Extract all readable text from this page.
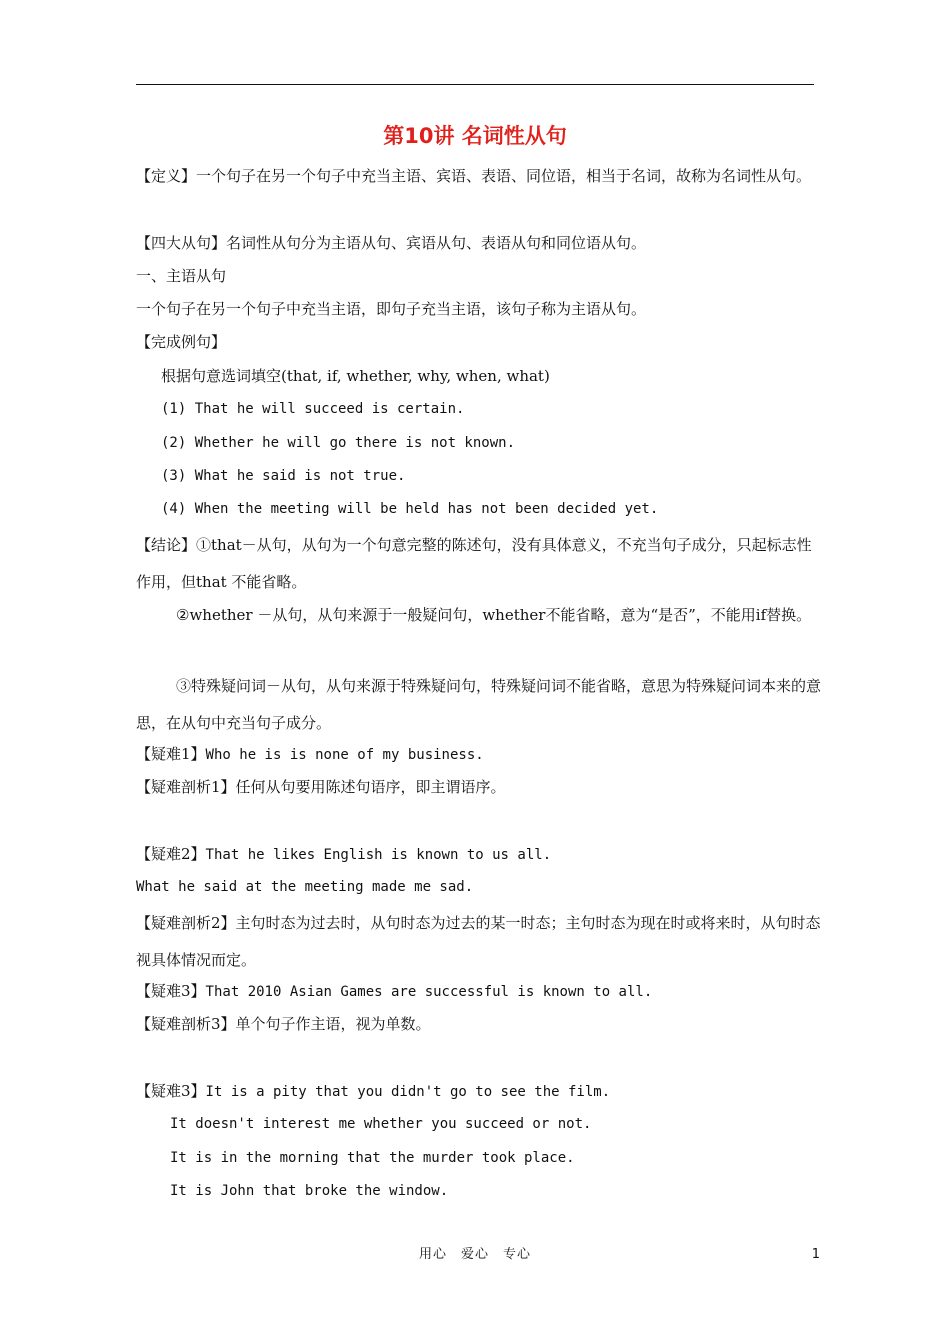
第10讲 名词性从句
【定义】一个句子在另一个句子中充当主语、宾语、表语、同位语，相当于名词，故称为名词性从句。
【四大从句】名词性从句分为主语从句、宾语从句、表语从句和同位语从句。
一、主语从句
一个句子在另一个句子中充当主语，即句子充当主语，该句子称为主语从句。
【完成例句】
根据句意选词填空(that, if, whether, why, when, what)
(1) That he will succeed is certain.
(2) Whether he will go there is not known.
(3) What he said is not true.
(4) When the meeting will be held has not been decided yet.
【结论】①that－从句，从句为一个句意完整的陈述句，没有具体意义，不充当句子成分，只起标志性作用，但that 不能省略。
②whether －从句，从句来源于一般疑问句，whether不能省略，意为“是否”，不能用if替换。
③特殊疑问词－从句，从句来源于特殊疑问句，特殊疑问词不能省略，意思为特殊疑问词本来的意思，在从句中充当句子成分。
【疑难1】Who he is is none of my business.
【疑难剖析1】任何从句要用陈述句语序，即主谓语序。
【疑难2】That he likes English is known to us all.
What he said at the meeting made me sad.
【疑难剖析2】主句时态为过去时，从句时态为过去的某一时态；主句时态为现在时或将来时，从句时态视具体情况而定。
【疑难3】That 2010 Asian Games are successful is known to all.
【疑难剖析3】单个句子作主语，视为单数。
【疑难3】It is a pity that you didn't go to see the film.
It doesn't interest me whether you succeed or not.
It is in the morning that the murder took place.
It is John that broke the window.
用心　爱心　专心	1
